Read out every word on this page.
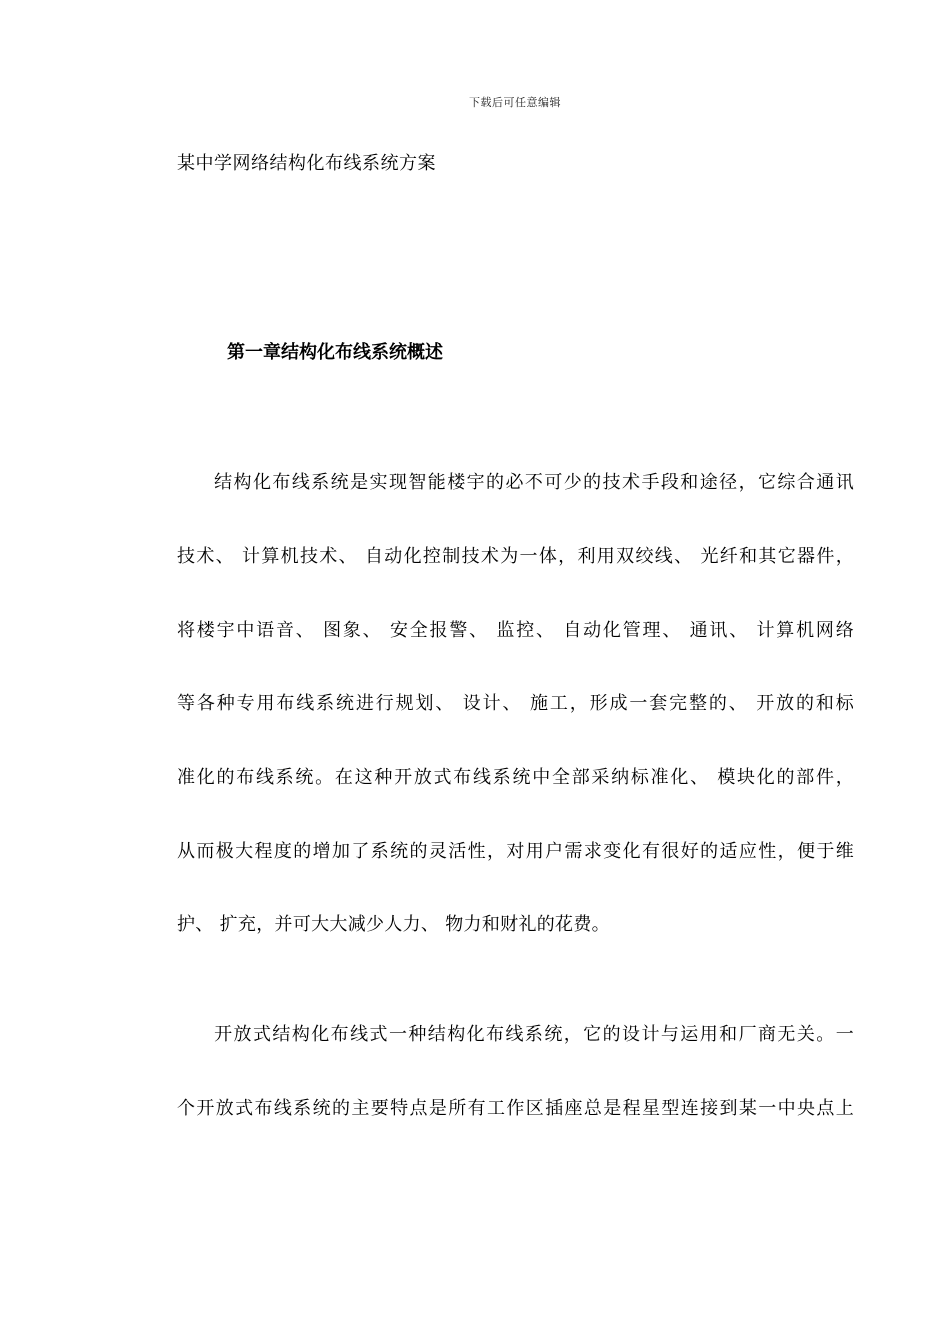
下载后可任意编辑
某中学网络结构化布线系统方案
第一章结构化布线系统概述
结构化布线系统是实现智能楼宇的必不可少的技术手段和途径，它综合通讯
技术、 计算机技术、 自动化控制技术为一体，利用双绞线、 光纤和其它器件，
将楼宇中语音、 图象、 安全报警、 监控、 自动化管理、 通讯、 计算机网络
等各种专用布线系统进行规划、 设计、 施工，形成一套完整的、 开放的和标
准化的布线系统。在这种开放式布线系统中全部采纳标准化、 模块化的部件，
从而极大程度的增加了系统的灵活性，对用户需求变化有很好的适应性，便于维
护、 扩充，并可大大减少人力、 物力和财礼的花费。
开放式结构化布线式一种结构化布线系统，它的设计与运用和厂商无关。一
个开放式布线系统的主要特点是所有工作区插座总是程星型连接到某一中央点上
